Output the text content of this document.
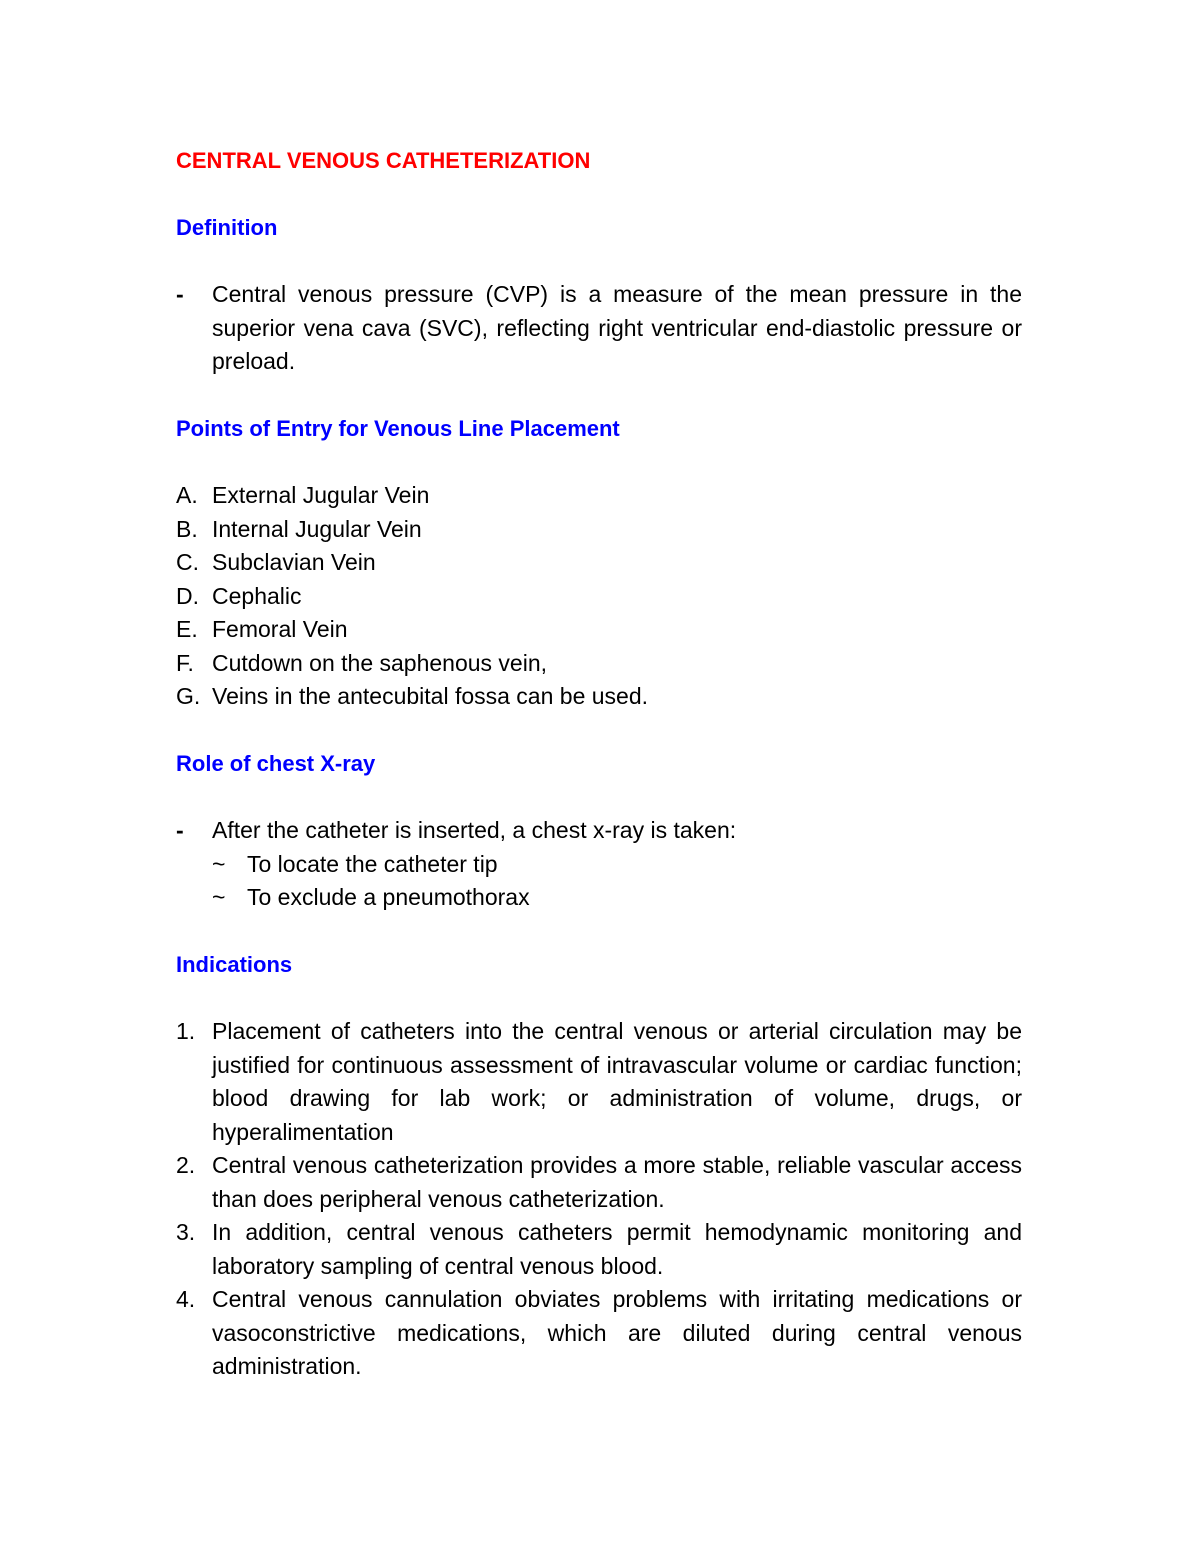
CENTRAL VENOUS CATHETERIZATION

Definition

- Central venous pressure (CVP) is a measure of the mean pressure in the superior vena cava (SVC), reflecting right ventricular end-diastolic pressure or preload.

Points of Entry for Venous Line Placement

A. External Jugular Vein
B. Internal Jugular Vein
C. Subclavian Vein
D. Cephalic
E. Femoral Vein
F. Cutdown on the saphenous vein,
G. Veins in the antecubital fossa can be used.

Role of chest X-ray

- After the catheter is inserted, a chest x-ray is taken:
~ To locate the catheter tip
~ To exclude a pneumothorax

Indications

1. Placement of catheters into the central venous or arterial circulation may be justified for continuous assessment of intravascular volume or cardiac function; blood drawing for lab work; or administration of volume, drugs, or hyperalimentation
2. Central venous catheterization provides a more stable, reliable vascular access than does peripheral venous catheterization.
3. In addition, central venous catheters permit hemodynamic monitoring and laboratory sampling of central venous blood.
4. Central venous cannulation obviates problems with irritating medications or vasoconstrictive medications, which are diluted during central venous administration.
